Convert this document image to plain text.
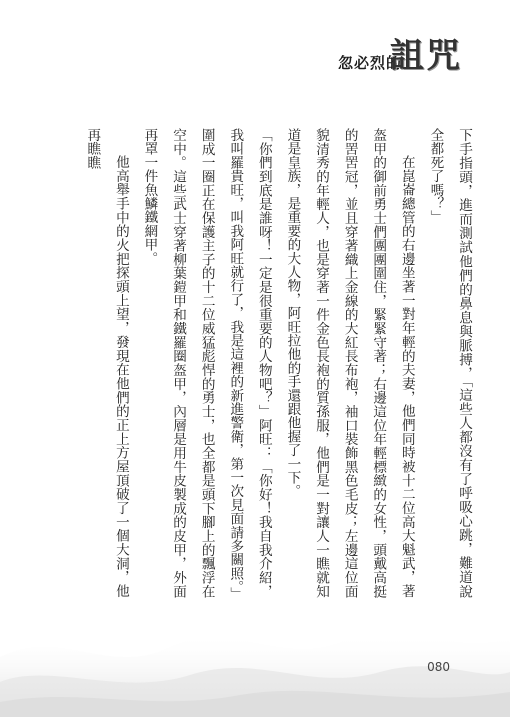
忽必烈的
詛咒

下手指頭，進而測試他們的鼻息與脈搏，「這些人都沒有了呼吸心跳，難道說全都死了嗎？」

在崑崙總管的右邊坐著一對年輕的夫妻，他們同時被十二位高大魁武，著盔甲的御前勇士們團團圍住，緊緊守著；右邊這位年輕標緻的女性，頭戴高挺的罟罟冠，並且穿著織上金線的大紅長布袍，袖口裝飾黑色毛皮；左邊這位面貌清秀的年輕人，也是穿著一件金色長袍的質孫服，他們是一對讓人一瞧就知道是皇族，是重要的大人物，阿旺拉他的手還跟他握了一下。

「你們到底是誰呀！一定是很重要的人物吧？」阿旺：「你好！我自我介紹，我叫羅貴旺，叫我阿旺就行了，我是這裡的新進警衛，第一次見面請多關照。」

圍成一圈正在保護主子的十二位威猛彪悍的勇士，也全都是頭下腳上的飄浮在空中。這些武士穿著柳葉鎧甲和鐵羅圈盔甲，內層是用牛皮製成的皮甲，外面再罩一件魚鱗鐵網甲。

他高舉手中的火把探頭上望，發現在他們的正上方屋頂破了一個大洞，他再瞧瞧

080
